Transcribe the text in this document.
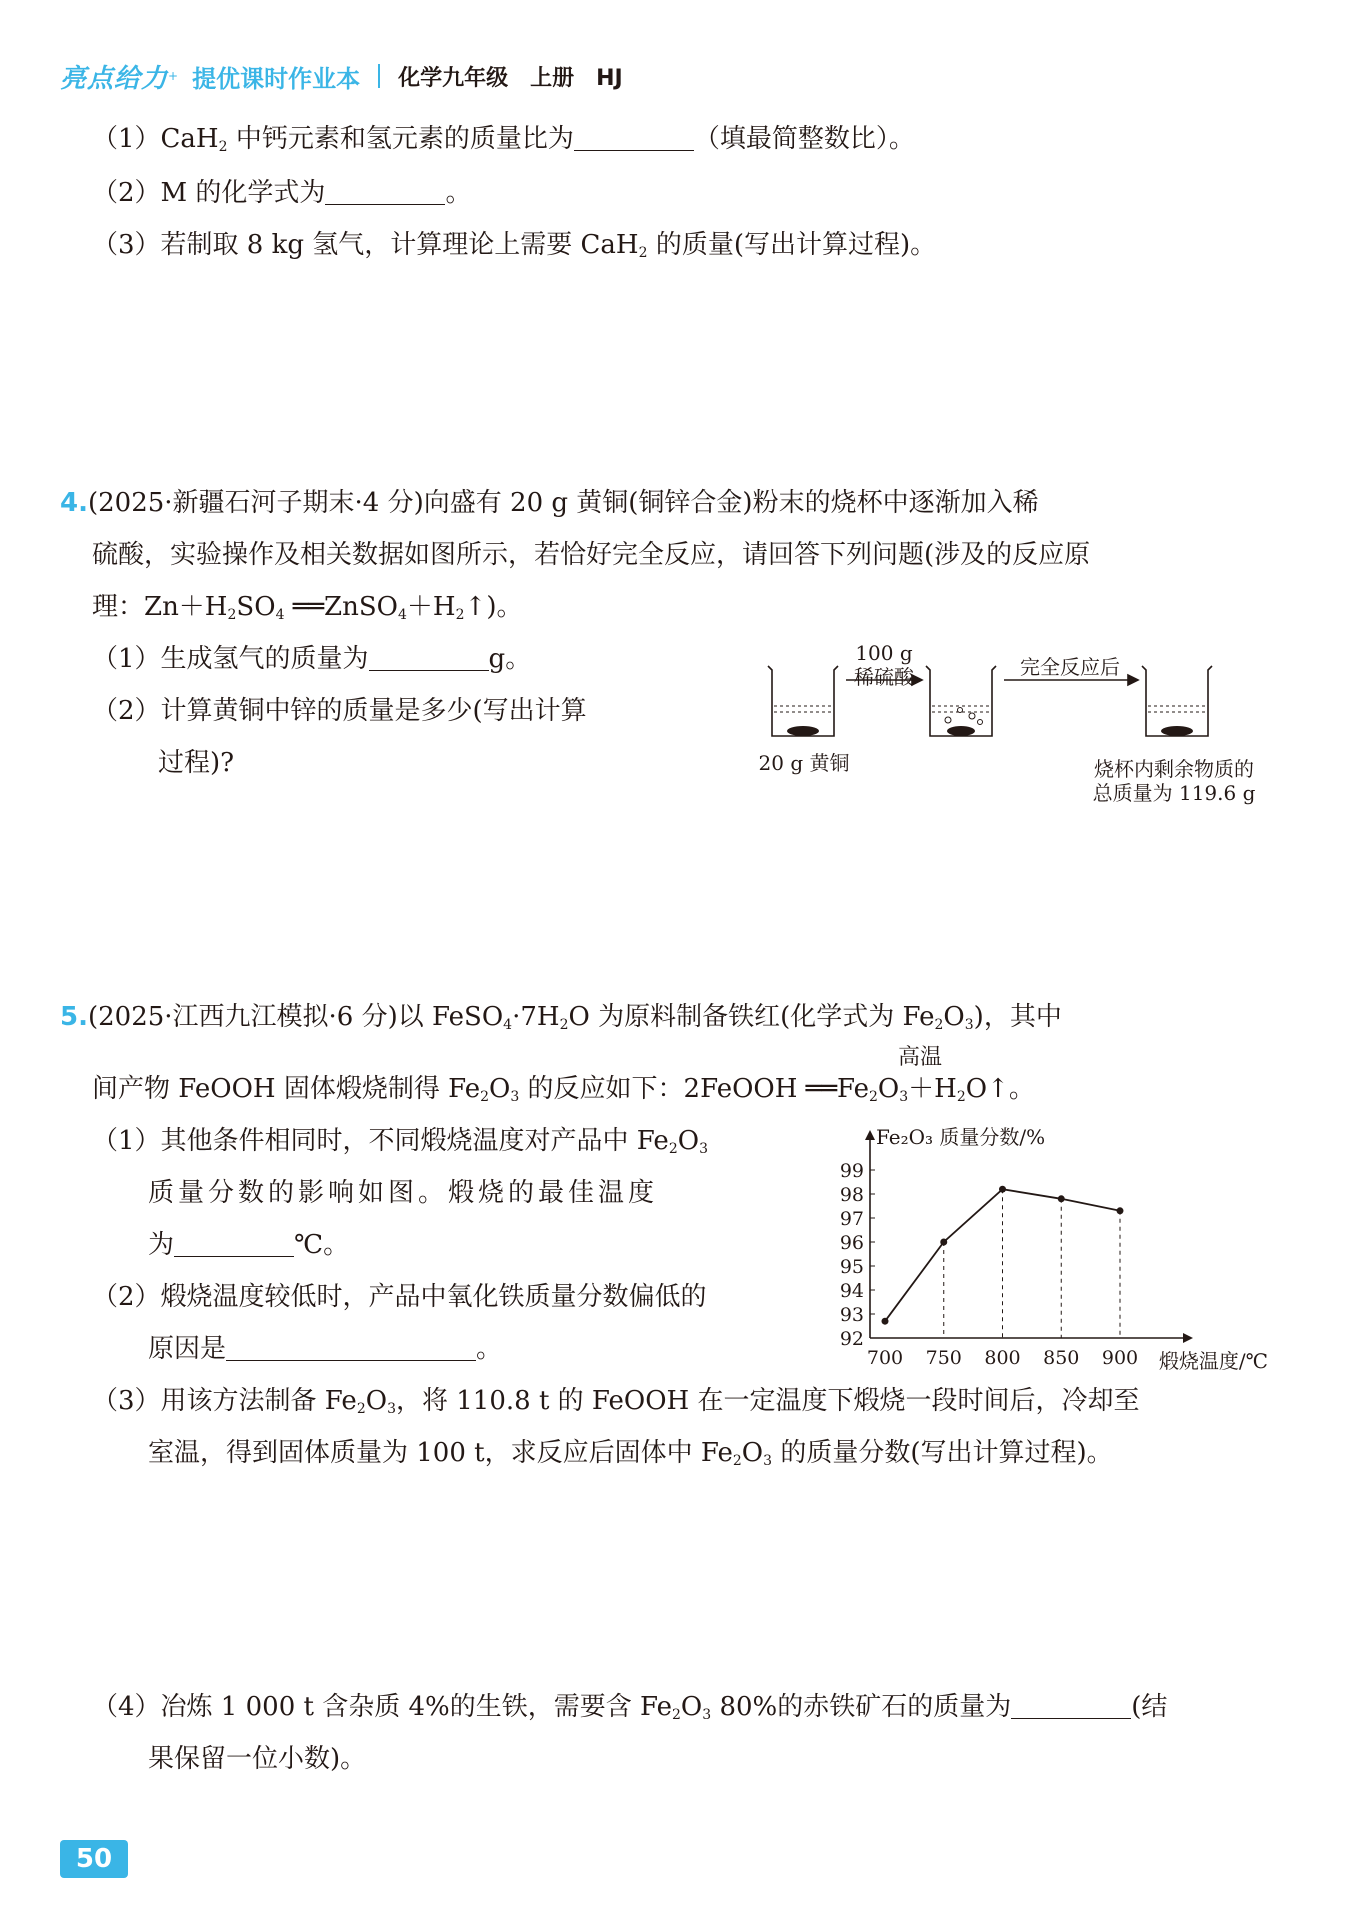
亮点给力 + 提优课时作业本 化学九年级　上册　HJ
（1）CaH$_2$ 中钙元素和氢元素的质量比为	（填最简整数比）。
（2）M 的化学式为	。
（3）若制取 8 kg 氢气，计算理论上需要 CaH$_2$ 的质量(写出计算过程)。
4.(2025·新疆石河子期末·4 分)向盛有 20 g 黄铜(铜锌合金)粉末的烧杯中逐渐加入稀
硫酸，实验操作及相关数据如图所示，若恰好完全反应，请回答下列问题(涉及的反应原
理：$Zn+H_2SO_4$ $══ZnSO_4+H_2↑$)。
（1）生成氢气的质量为	g。
（2）计算黄铜中锌的质量是多少(写出计算
过程)?
100 g
稀硫酸	完全反应后
20 g 黄铜	烧杯内剩余物质的
总质量为 119.6 g
5.(2025·江西九江模拟·6 分)以 $FeSO_4\cdot 7H_2O$ 为原料制备铁红(化学式为 $Fe_2O_3$)，其中
高温
间产物 FeOOH 固体煅烧制得 $Fe_2O_3$ 的反应如下：2FeOOH $══Fe_2O_3+H_2O↑$。
（1）其他条件相同时，不同煅烧温度对产品中 $Fe_2O_3$
质量分数的影响如图。煅烧的最佳温度
为	℃。
（2）煅烧温度较低时，产品中氧化铁质量分数偏低的
原因是	。	92
93
94
95
96
97
98
99
700 750 800 850 900
Fe₂O₃ 质量分数/%
煅烧温度/℃
（3）用该方法制备 $Fe_2O_3$，将 110.8 t 的 FeOOH 在一定温度下煅烧一段时间后，冷却至
室温，得到固体质量为 100 t，求反应后固体中 $Fe_2O_3$ 的质量分数(写出计算过程)。
（4）冶炼 1 000 t 含杂质 4%的生铁，需要含 $Fe_2O_3$ 80%的赤铁矿石的质量为	(结
果保留一位小数)。
50
